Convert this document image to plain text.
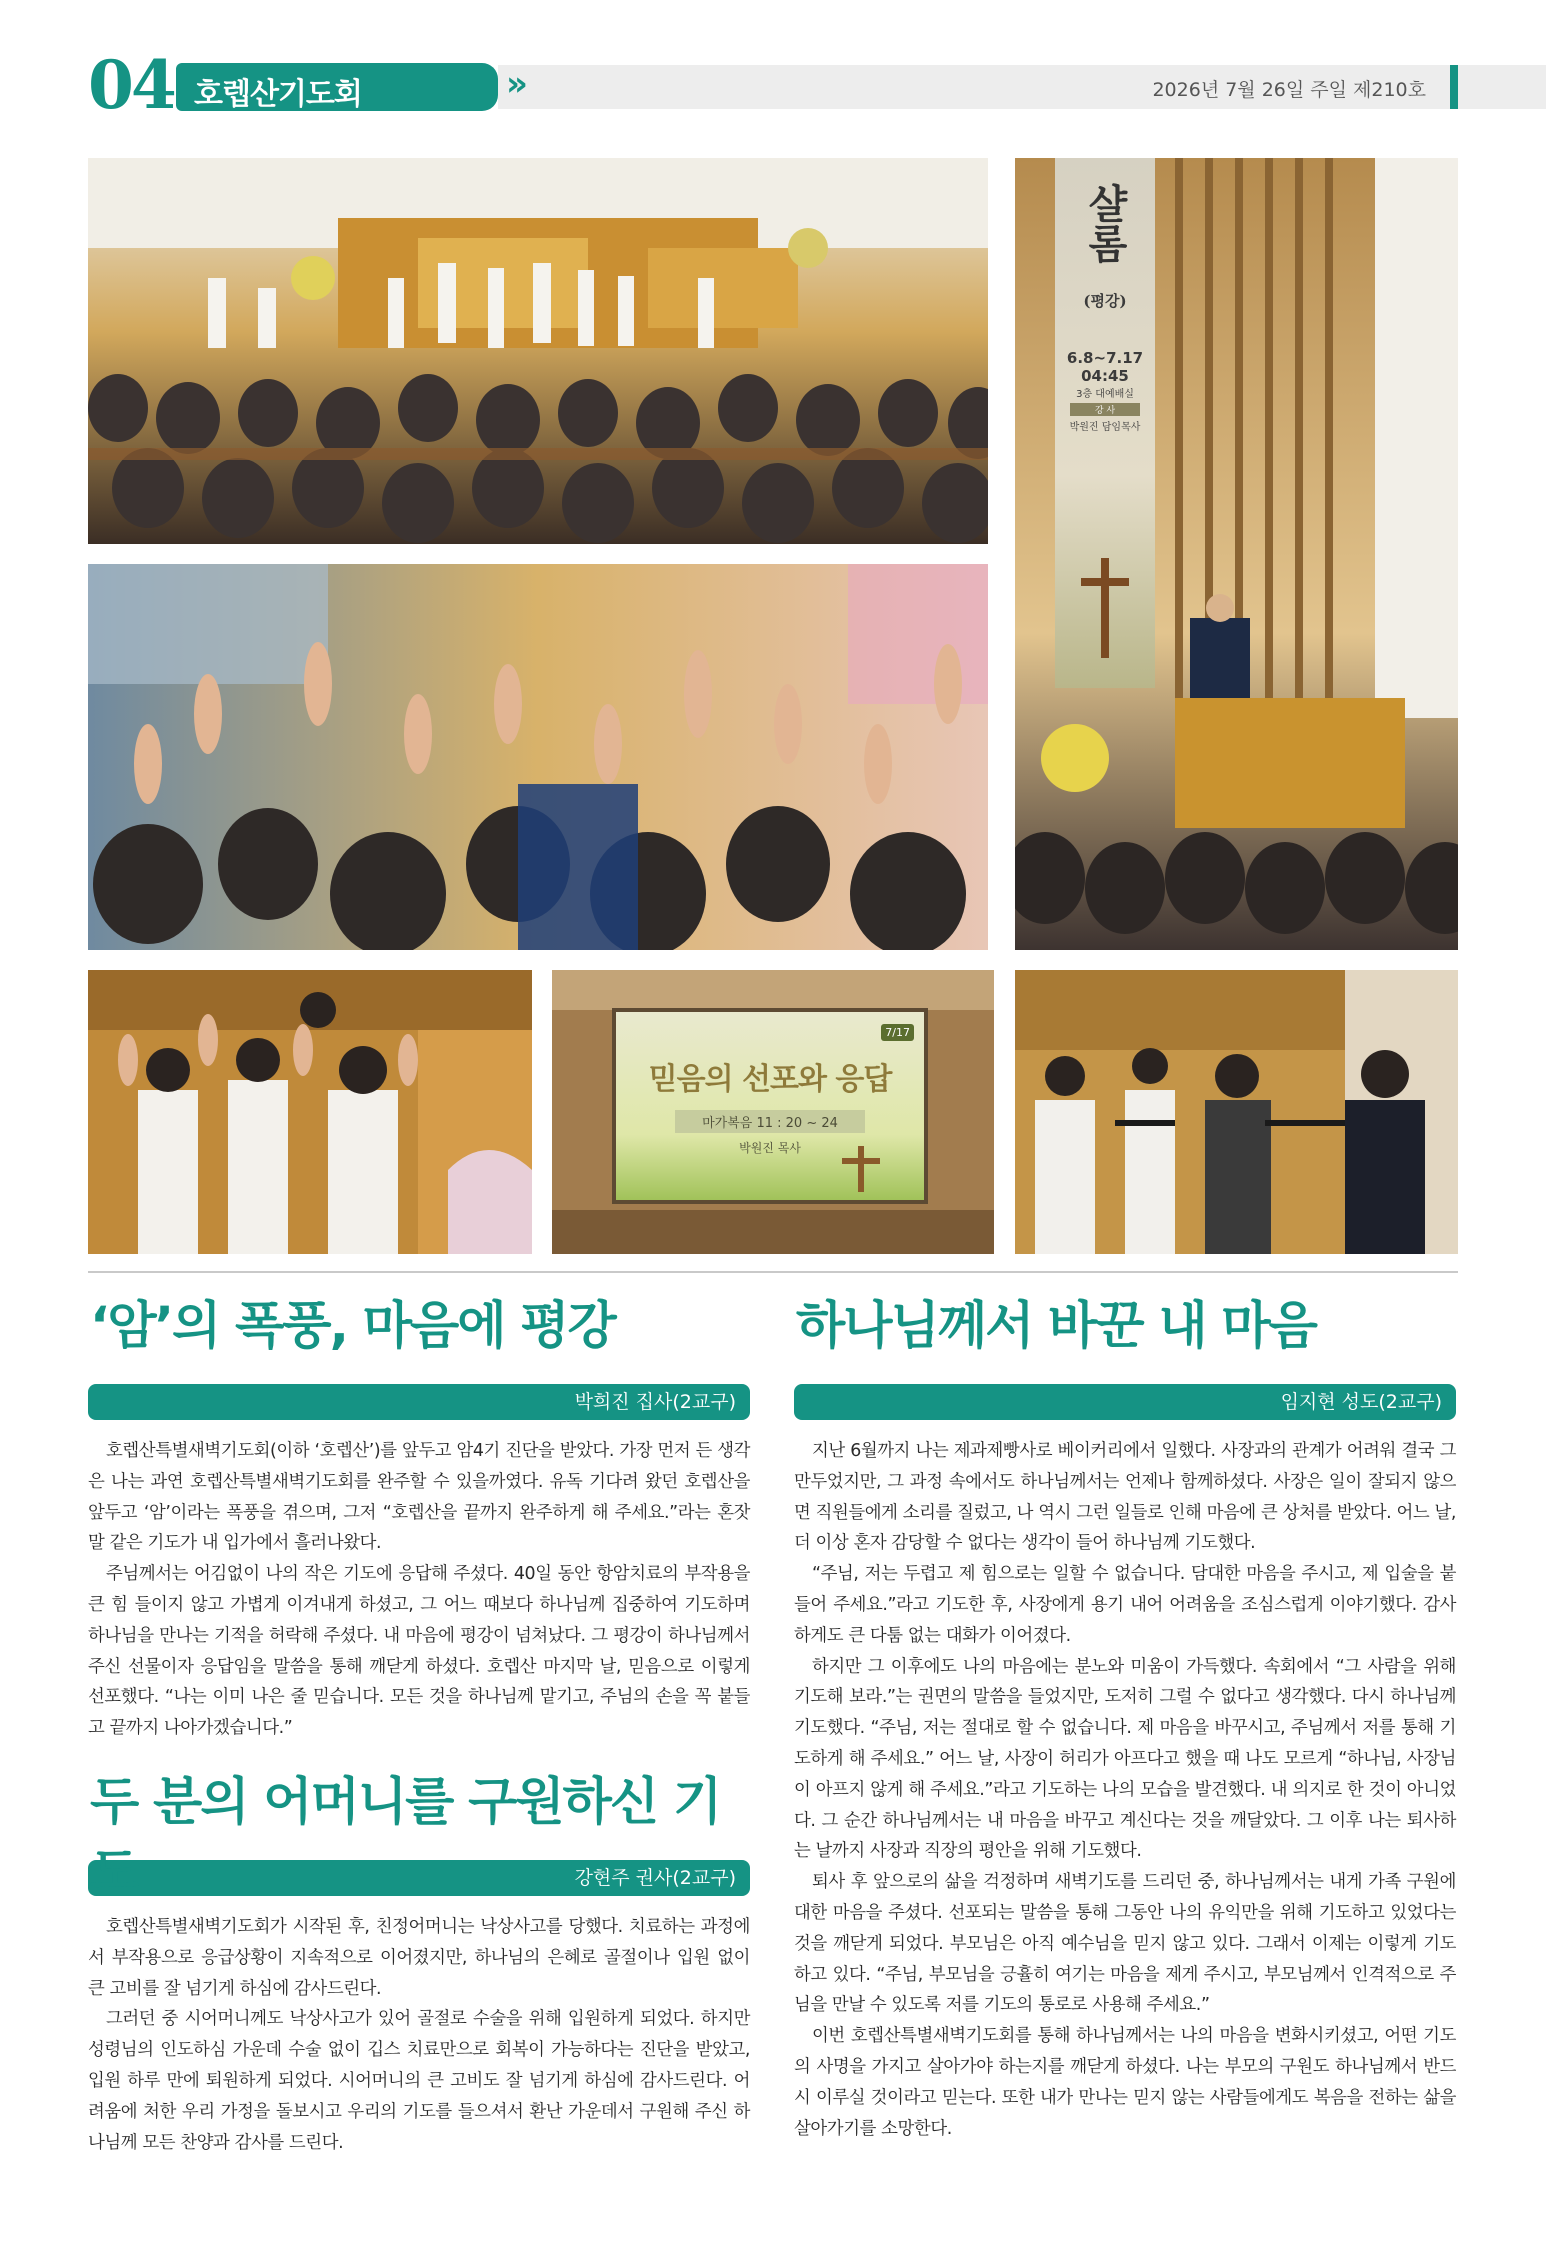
04 호렙산기도회	»	2026년 7월 26일 주일 제210호
샬롬
(평강)
6.8~7.17
04:45
3층 대예배실
강 사
박원진 담임목사
7/17
믿음의 선포와 응답
마가복음 11 : 20 ~ 24
박원진 목사
‘암’의 폭풍, 마음에 평강
박희진 집사(2교구)

호렙산특별새벽기도회(이하 ‘호렙산’)를 앞두고 암4기 진단을 받았다. 가장 먼저 든 생각은 나는 과연 호렙산특별새벽기도회를 완주할 수 있을까였다. 유독 기다려 왔던 호렙산을 앞두고 ‘암’이라는 폭풍을 겪으며, 그저 “호렙산을 끝까지 완주하게 해 주세요.”라는 혼잣말 같은 기도가 내 입가에서 흘러나왔다.

주님께서는 어김없이 나의 작은 기도에 응답해 주셨다. 40일 동안 항암치료의 부작용을 큰 힘 들이지 않고 가볍게 이겨내게 하셨고, 그 어느 때보다 하나님께 집중하여 기도하며 하나님을 만나는 기적을 허락해 주셨다. 내 마음에 평강이 넘쳐났다. 그 평강이 하나님께서 주신 선물이자 응답임을 말씀을 통해 깨닫게 하셨다. 호렙산 마지막 날, 믿음으로 이렇게 선포했다. “나는 이미 나은 줄 믿습니다. 모든 것을 하나님께 맡기고, 주님의 손을 꼭 붙들고 끝까지 나아가겠습니다.”

두 분의 어머니를 구원하신 기도	강현주 권사(2교구)

호렙산특별새벽기도회가 시작된 후, 친정어머니는 낙상사고를 당했다. 치료하는 과정에서 부작용으로 응급상황이 지속적으로 이어졌지만, 하나님의 은혜로 골절이나 입원 없이 큰 고비를 잘 넘기게 하심에 감사드린다.

그러던 중 시어머니께도 낙상사고가 있어 골절로 수술을 위해 입원하게 되었다. 하지만 성령님의 인도하심 가운데 수술 없이 깁스 치료만으로 회복이 가능하다는 진단을 받았고, 입원 하루 만에 퇴원하게 되었다. 시어머니의 큰 고비도 잘 넘기게 하심에 감사드린다. 어려움에 처한 우리 가정을 돌보시고 우리의 기도를 들으셔서 환난 가운데서 구원해 주신 하나님께 모든 찬양과 감사를 드린다.

하나님께서 바꾼 내 마음
임지현 성도(2교구)

지난 6월까지 나는 제과제빵사로 베이커리에서 일했다. 사장과의 관계가 어려워 결국 그만두었지만, 그 과정 속에서도 하나님께서는 언제나 함께하셨다. 사장은 일이 잘되지 않으면 직원들에게 소리를 질렀고, 나 역시 그런 일들로 인해 마음에 큰 상처를 받았다. 어느 날, 더 이상 혼자 감당할 수 없다는 생각이 들어 하나님께 기도했다.

“주님, 저는 두렵고 제 힘으로는 일할 수 없습니다. 담대한 마음을 주시고, 제 입술을 붙들어 주세요.”라고 기도한 후, 사장에게 용기 내어 어려움을 조심스럽게 이야기했다. 감사하게도 큰 다툼 없는 대화가 이어졌다.

하지만 그 이후에도 나의 마음에는 분노와 미움이 가득했다. 속회에서 “그 사람을 위해 기도해 보라.”는 권면의 말씀을 들었지만, 도저히 그럴 수 없다고 생각했다. 다시 하나님께 기도했다. “주님, 저는 절대로 할 수 없습니다. 제 마음을 바꾸시고, 주님께서 저를 통해 기도하게 해 주세요.” 어느 날, 사장이 허리가 아프다고 했을 때 나도 모르게 “하나님, 사장님이 아프지 않게 해 주세요.”라고 기도하는 나의 모습을 발견했다. 내 의지로 한 것이 아니었다. 그 순간 하나님께서는 내 마음을 바꾸고 계신다는 것을 깨달았다. 그 이후 나는 퇴사하는 날까지 사장과 직장의 평안을 위해 기도했다.

퇴사 후 앞으로의 삶을 걱정하며 새벽기도를 드리던 중, 하나님께서는 내게 가족 구원에 대한 마음을 주셨다. 선포되는 말씀을 통해 그동안 나의 유익만을 위해 기도하고 있었다는 것을 깨닫게 되었다. 부모님은 아직 예수님을 믿지 않고 있다. 그래서 이제는 이렇게 기도하고 있다. “주님, 부모님을 긍휼히 여기는 마음을 제게 주시고, 부모님께서 인격적으로 주님을 만날 수 있도록 저를 기도의 통로로 사용해 주세요.”

이번 호렙산특별새벽기도회를 통해 하나님께서는 나의 마음을 변화시키셨고, 어떤 기도의 사명을 가지고 살아가야 하는지를 깨닫게 하셨다. 나는 부모의 구원도 하나님께서 반드시 이루실 것이라고 믿는다. 또한 내가 만나는 믿지 않는 사람들에게도 복음을 전하는 삶을 살아가기를 소망한다.
